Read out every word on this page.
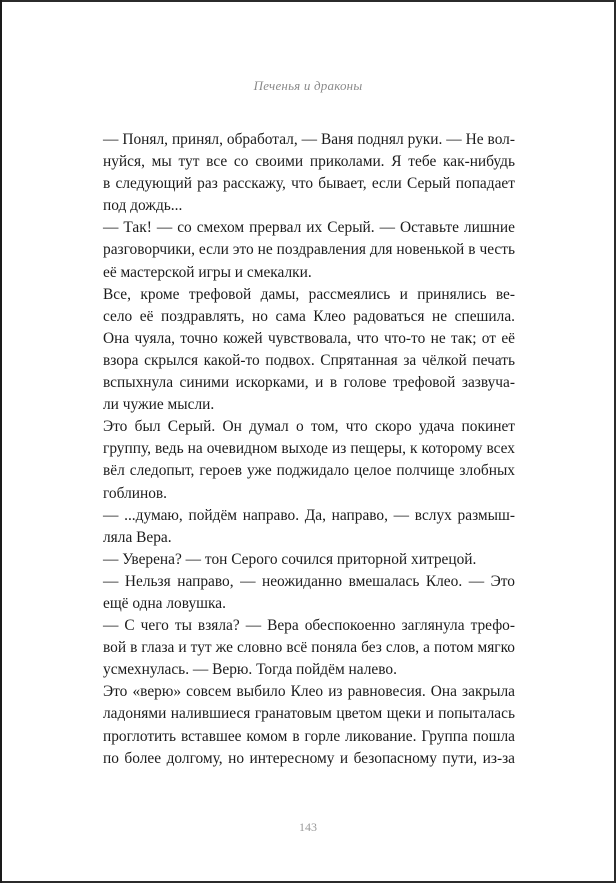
Печенья и драконы

— Понял, принял, обработал, — Ваня поднял руки. — Не вол-
нуйся, мы тут все со своими приколами. Я тебе как-нибудь
в следующий раз расскажу, что бывает, если Серый попадает
под дождь...

— Так! — со смехом прервал их Серый. — Оставьте лишние
разговорчики, если это не поздравления для новенькой в честь
её мастерской игры и смекалки.

Все, кроме трефовой дамы, рассмеялись и принялись ве-
село её поздравлять, но сама Клео радоваться не спешила.
Она чуяла, точно кожей чувствовала, что что-то не так; от её
взора скрылся какой-то подвох. Спрятанная за чёлкой печать
вспыхнула синими искорками, и в голове трефовой зазвуча-
ли чужие мысли.

Это был Серый. Он думал о том, что скоро удача покинет
группу, ведь на очевидном выходе из пещеры, к которому всех
вёл следопыт, героев уже поджидало целое полчище злобных
гоблинов.

— ...думаю, пойдём направо. Да, направо, — вслух размыш-
ляла Вера.

— Уверена? — тон Серого сочился приторной хитрецой.

— Нельзя направо, — неожиданно вмешалась Клео. — Это
ещё одна ловушка.

— С чего ты взяла? — Вера обеспокоенно заглянула трефо-
вой в глаза и тут же словно всё поняла без слов, а потом мягко
усмехнулась. — Верю. Тогда пойдём налево.

Это «верю» совсем выбило Клео из равновесия. Она закрыла
ладонями налившиеся гранатовым цветом щеки и попыталась
проглотить вставшее комом в горле ликование. Группа пошла
по более долгому, но интересному и безопасному пути, из-за

143
